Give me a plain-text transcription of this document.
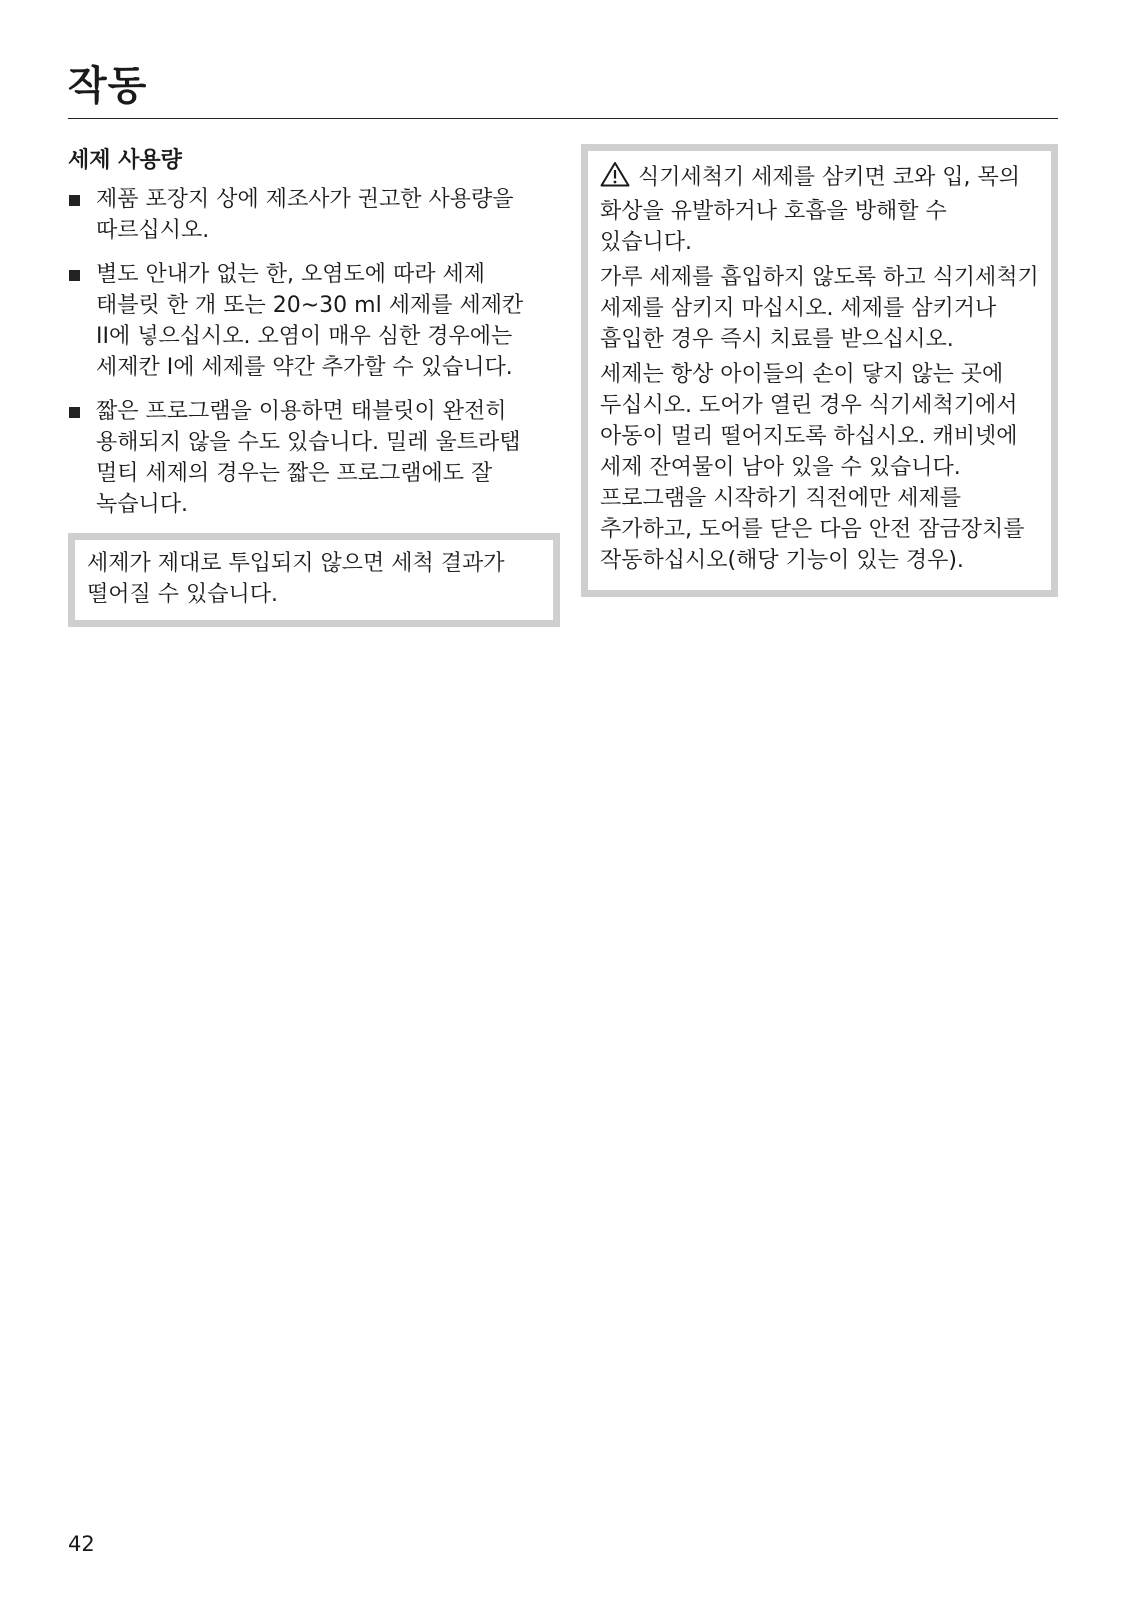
작동
세제 사용량
제품 포장지 상에 제조사가 권고한 사용량을 따르십시오.
별도 안내가 없는 한, 오염도에 따라 세제 태블릿 한 개 또는 20~30 ml 세제를 세제칸 II에 넣으십시오. 오염이 매우 심한 경우에는 세제칸 I에 세제를 약간 추가할 수 있습니다.
짧은 프로그램을 이용하면 태블릿이 완전히 용해되지 않을 수도 있습니다. 밀레 울트라탭 멀티 세제의 경우는 짧은 프로그램에도 잘 녹습니다.
세제가 제대로 투입되지 않으면 세척 결과가 떨어질 수 있습니다.

식기세척기 세제를 삼키면 코와 입, 목의 화상을 유발하거나 호흡을 방해할 수 있습니다.

가루 세제를 흡입하지 않도록 하고 식기세척기 세제를 삼키지 마십시오. 세제를 삼키거나 흡입한 경우 즉시 치료를 받으십시오.

세제는 항상 아이들의 손이 닿지 않는 곳에 두십시오. 도어가 열린 경우 식기세척기에서 아동이 멀리 떨어지도록 하십시오. 캐비넷에 세제 잔여물이 남아 있을 수 있습니다. 프로그램을 시작하기 직전에만 세제를 추가하고, 도어를 닫은 다음 안전 잠금장치를 작동하십시오(해당 기능이 있는 경우).

42
